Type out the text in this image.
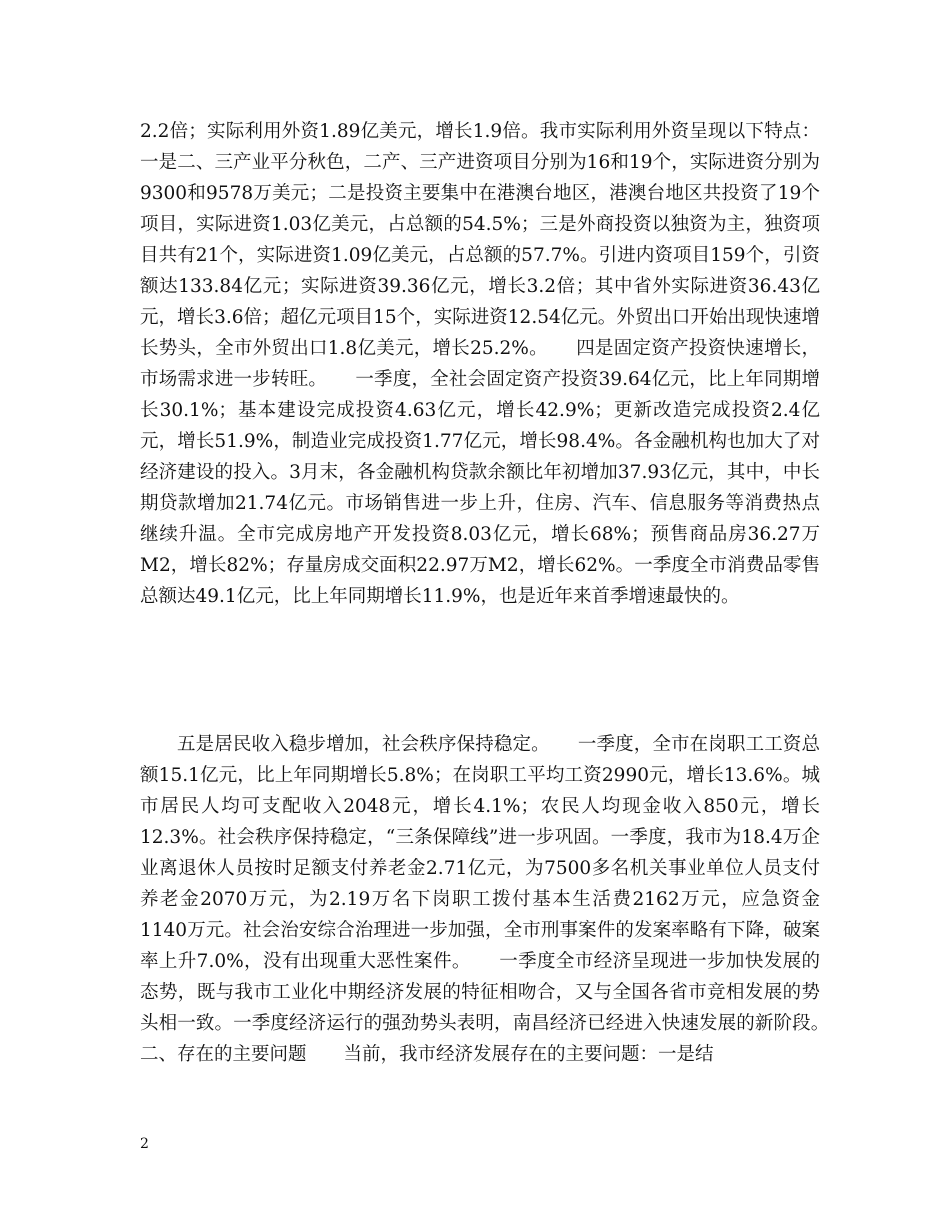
2.2倍；实际利用外资1.89亿美元，增长1.9倍。我市实际利用外资呈现以下特点：一是二、三产业平分秋色，二产、三产进资项目分别为16和19个，实际进资分别为9300和9578万美元；二是投资主要集中在港澳台地区，港澳台地区共投资了19个项目，实际进资1.03亿美元，占总额的54.5%；三是外商投资以独资为主，独资项目共有21个，实际进资1.09亿美元，占总额的57.7%。引进内资项目159个，引资额达133.84亿元；实际进资39.36亿元，增长3.2倍；其中省外实际进资36.43亿元，增长3.6倍；超亿元项目15个，实际进资12.54亿元。外贸出口开始出现快速增长势头，全市外贸出口1.8亿美元，增长25.2%。　　四是固定资产投资快速增长，市场需求进一步转旺。　　一季度，全社会固定资产投资39.64亿元，比上年同期增长30.1%；基本建设完成投资4.63亿元，增长42.9%；更新改造完成投资2.4亿元，增长51.9%，制造业完成投资1.77亿元，增长98.4%。各金融机构也加大了对经济建设的投入。3月末，各金融机构贷款余额比年初增加37.93亿元，其中，中长期贷款增加21.74亿元。市场销售进一步上升，住房、汽车、信息服务等消费热点继续升温。全市完成房地产开发投资8.03亿元，增长68%；预售商品房36.27万M2，增长82%；存量房成交面积22.97万M2，增长62%。一季度全市消费品零售总额达49.1亿元，比上年同期增长11.9%，也是近年来首季增速最快的。

五是居民收入稳步增加，社会秩序保持稳定。　　一季度，全市在岗职工工资总额15.1亿元，比上年同期增长5.8%；在岗职工平均工资2990元，增长13.6%。城市居民人均可支配收入2048元，增长4.1%；农民人均现金收入850元，增长12.3%。社会秩序保持稳定，“三条保障线”进一步巩固。一季度，我市为18.4万企业离退休人员按时足额支付养老金2.71亿元，为7500多名机关事业单位人员支付养老金2070万元，为2.19万名下岗职工拨付基本生活费2162万元，应急资金1140万元。社会治安综合治理进一步加强，全市刑事案件的发案率略有下降，破案率上升7.0%，没有出现重大恶性案件。　　一季度全市经济呈现进一步加快发展的态势，既与我市工业化中期经济发展的特征相吻合，又与全国各省市竞相发展的势头相一致。一季度经济运行的强劲势头表明，南昌经济已经进入快速发展的新阶段。　　二、存在的主要问题　　当前，我市经济发展存在的主要问题：一是结

2
